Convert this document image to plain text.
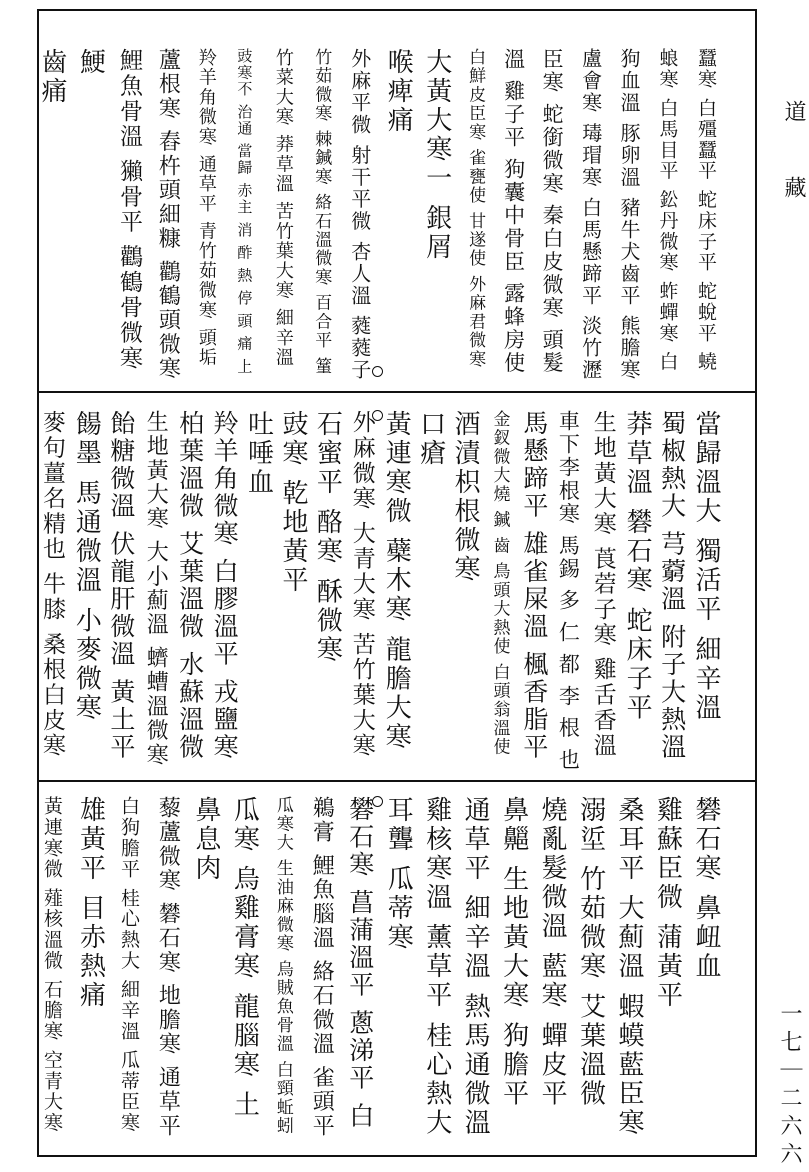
道
藏
一七｜二六六
蠶寒 白殭蠶平 蛇床子平 蛇蛻平 蟯
蜋寒 白馬目平 鈆丹微寒 蚱蟬寒 白
狗血溫 豚卵溫 豬牛犬齒平 熊膽寒
盧會寒 瑇瑁寒 白馬懸蹄平 淡竹瀝
臣寒 蛇銜微寒 秦白皮微寒 頭髮
溫 雞子平 狗囊中骨臣 露蜂房使
白鮮皮臣寒 雀甕使 甘遂使 外麻君微寒
大黃大寒一 銀屑
喉痺痛
外麻平微 射干平微 杏人溫 蕤蕤子
竹茹微寒 棘鍼寒 絡石溫微寒 百合平 䈽
竹菜大寒 莽草溫 苦竹葉大寒 細辛溫
豉寒不 治通 當歸 赤主 消 酢 熱 停 頭 痛 上
羚羊角微寒 通草平 青竹茹微寒 頭垢
蘆根寒 舂杵頭細糠 鸛鶴頭微寒
鯉魚骨溫 獺骨平 鸛鶴骨微寒
鯁
齒痛
當歸溫大 獨活平 細辛溫
蜀椒熱大 芎藭溫 附子大熱溫
莽草溫 礬石寒 蛇床子平
生地黃大寒 莨菪子寒 雞舌香溫
車下李根寒 馬錫 多 仁 都 李 根 也
馬懸蹄平 雄雀屎溫 楓香脂平
金釵微大燒 鍼 齒 鳥頭大熱使 白頭翁溫使
酒漬枳根微寒
口瘡
黃連寒微 蘗木寒 龍膽大寒
外麻微寒 大青大寒 苦竹葉大寒
石蜜平 酪寒 酥微寒
豉寒 乾地黃平
吐唾血
羚羊角微寒 白膠溫平 戎鹽寒
柏葉溫微 艾葉溫微 水蘇溫微
生地黃大寒 大小薊溫 蠐螬溫微寒
飴糖微溫 伏龍肝微溫 黃土平
餳墨 馬通微溫 小麥微寒
麥句薑名精也 牛膝 桑根白皮寒
礬石寒 鼻衄血
雞蘇臣微 蒲黃平
桑耳平 大薊溫 蝦蟆藍臣寒
溺垽 竹茹微寒 艾葉溫微
燒亂髮微溫 藍寒 蟬皮平
鼻齆 生地黃大寒 狗膽平
通草平 細辛溫 熱馬通微溫
雞核寒溫 薰草平 桂心熱大
耳聾 瓜蒂寒
礬石寒 菖蒲溫平 蔥涕平 白
鵜膏 鯉魚腦溫 絡石微溫 雀頭平
瓜寒大 生油麻微寒 烏賊魚骨溫 白頸蚯蚓
瓜寒 烏雞膏寒 龍腦寒 土
鼻息肉
藜蘆微寒 礬石寒 地膽寒 通草平
白狗膽平 桂心熱大 細辛溫 瓜蒂臣寒
雄黃平 目赤熱痛
黃連寒微 薤核溫微 石膽寒 空青大寒
